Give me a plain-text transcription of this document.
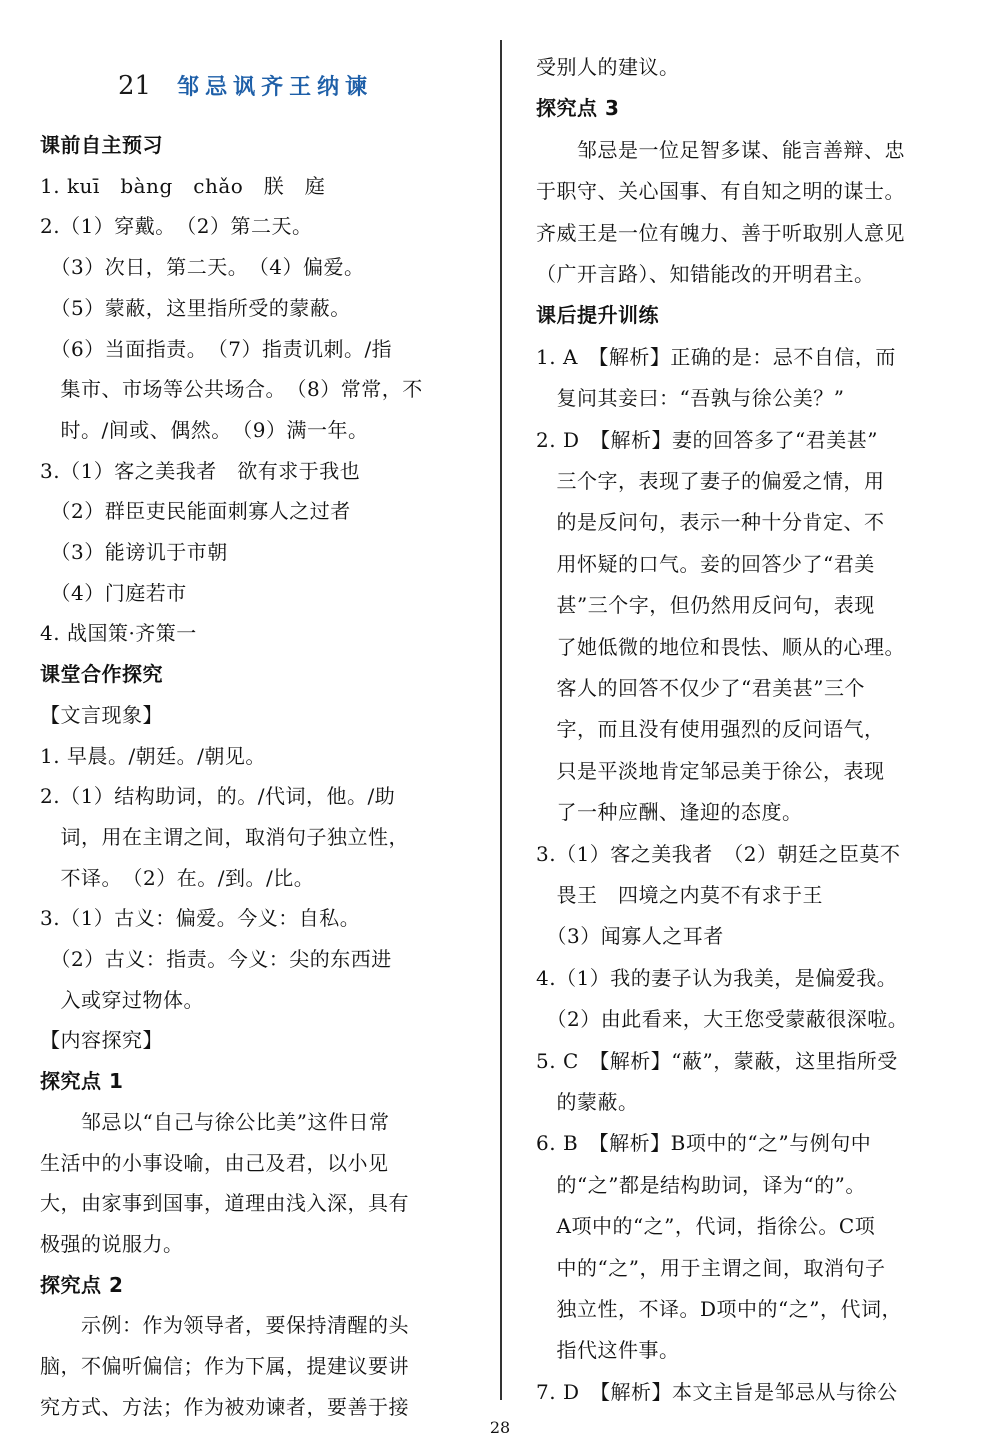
21 邹忌讽齐王纳谏
课前自主预习
1. kuī　bàng　chǎo　朕　庭
2.（1）穿戴。　（2）第二天。
　（3）次日，第二天。　（4）偏爱。
　（5）蒙蔽，这里指所受的蒙蔽。
　（6）当面指责。　（7）指责讥刺。/指
　集市、市场等公共场合。　（8）常常，不
　时。/间或、偶然。　（9）满一年。
3.（1）客之美我者　欲有求于我也
　（2）群臣吏民能面刺寡人之过者
　（3）能谤讥于市朝
　（4）门庭若市
4. 战国策·齐策一
课堂合作探究
【文言现象】
1. 早晨。/朝廷。/朝见。
2.（1）结构助词，的。/代词，他。/助
　词，用在主谓之间，取消句子独立性，
　不译。　（2）在。/到。/比。
3.（1）古义：偏爱。今义：自私。
　（2）古义：指责。今义：尖的东西进
　入或穿过物体。
【内容探究】
探究点 1
　　邹忌以“自己与徐公比美”这件日常
生活中的小事设喻，由己及君，以小见
大，由家事到国事，道理由浅入深，具有
极强的说服力。
探究点 2
　　示例：作为领导者，要保持清醒的头
脑，不偏听偏信；作为下属，提建议要讲
究方式、方法；作为被劝谏者，要善于接
受别人的建议。
探究点 3
　　邹忌是一位足智多谋、能言善辩、忠
于职守、关心国事、有自知之明的谋士。
齐威王是一位有魄力、善于听取别人意见
（广开言路）、知错能改的开明君主。
课后提升训练
1. A　【解析】正确的是：忌不自信，而
　复问其妾曰：“吾孰与徐公美？”
2. D　【解析】妻的回答多了“君美甚”
　三个字，表现了妻子的偏爱之情，用
　的是反问句，表示一种十分肯定、不
　用怀疑的口气。妾的回答少了“君美
　甚”三个字，但仍然用反问句，表现
　了她低微的地位和畏怯、顺从的心理。
　客人的回答不仅少了“君美甚”三个
　字，而且没有使用强烈的反问语气，
　只是平淡地肯定邹忌美于徐公，表现
　了一种应酬、逢迎的态度。
3.（1）客之美我者　（2）朝廷之臣莫不
　畏王　四境之内莫不有求于王
　（3）闻寡人之耳者
4.（1）我的妻子认为我美，是偏爱我。
　（2）由此看来，大王您受蒙蔽很深啦。
5. C　【解析】“蔽”，蒙蔽，这里指所受
　的蒙蔽。
6. B　【解析】B项中的“之”与例句中
　的“之”都是结构助词，译为“的”。
　A项中的“之”，代词，指徐公。C项
　中的“之”，用于主谓之间，取消句子
　独立性，不译。D项中的“之”，代词，
　指代这件事。
7. D　【解析】本文主旨是邹忌从与徐公
28
